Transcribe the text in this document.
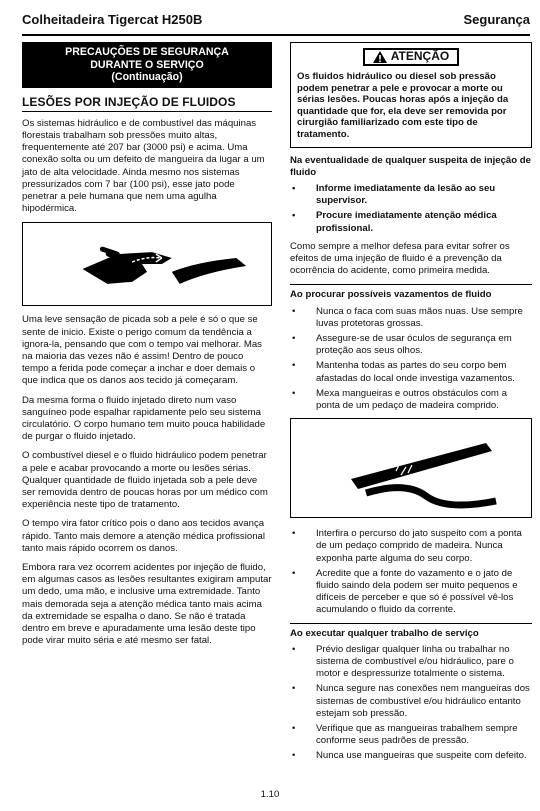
Colheitadeira Tigercat H250B	Segurança
PRECAUÇÕES DE SEGURANÇA
DURANTE O SERVIÇO
(Continuação)
LESÕES POR INJEÇÃO DE FLUIDOS

Os sistemas hidráulico e de combustível das máquinas florestais trabalham sob pressões muito altas, frequentemente até 207 bar (3000 psi) e acima. Uma conexão solta ou um defeito de mangueira da lugar a um jato de alta velocidade. Ainda mesmo nos sistemas pressurizados com 7 bar (100 psi), esse jato pode penetrar a pele humana que nem uma agulha hipodérmica.

Uma leve sensação de picada sob a pele é só o que se sente de inicio. Existe o perigo comum da tendência a ignora-la, pensando que com o tempo vai melhorar. Mas na maioria das vezes não é assim! Dentro de pouco tempo a ferida pode começar a inchar e doer demais o que indica que os danos aos tecido já começaram.

Da mesma forma o fluido injetado direto num vaso sanguíneo pode espalhar rapidamente pelo seu sistema circulatório. O corpo humano tem muito pouca habilidade de purgar o fluido injetado.

O combustível diesel e o fluido hidráulico podem penetrar a pele e acabar provocando a morte ou lesões sérias. Qualquer quantidade de fluido injetada sob a pele deve ser removida dentro de poucas horas por um médico com experiência neste tipo de tratamento.

O tempo vira fator crítico pois o dano aos tecidos avança rápido. Tanto mais demore a atenção médica profissional tanto mais rápido ocorrem os danos.

Embora rara vez ocorrem acidentes por injeção de fluido, em algumas casos as lesões resultantes exigiram amputar um dedo, uma mão, e inclusive uma extremidade. Tanto mais demorada seja a atenção médica tanto mais acima da extremidade se espalha o dano. Se não é tratada dentro em breve e apuradamente uma lesão deste tipo pode virar muito séria e até mesmo ser fatal.

ATENÇÃO
Os fluidos hidráulico ou diesel sob pressão podem penetrar a pele e provocar a morte ou sérias lesões. Poucas horas após a injeção da quantidade que for, ela deve ser removida por cirurgião familiarizado com este tipo de tratamento.
Na eventualidade de qualquer suspeita de injeção de fluido
• Informe imediatamente da lesão ao seu supervisor.
• Procure imediatamente atenção médica profissional.

Como sempre a melhor defesa para evitar sofrer os efeitos de uma injeção de fluido é a prevenção da ocorrência do acidente, como primeira medida.

Ao procurar possíveis vazamentos de fluido
• Nunca o faca com suas mãos nuas. Use sempre luvas protetoras grossas.
• Assegure-se de usar óculos de segurança em proteção aos seus olhos.
• Mantenha todas as partes do seu corpo bem afastadas do local onde investiga vazamentos.
• Mexa mangueiras e outros obstáculos com a ponta de um pedaço de madeira comprido.
• Interfira o percurso do jato suspeito com a ponta de um pedaço comprido de madeira. Nunca exponha parte alguma do seu corpo.
• Acredite que a fonte do vazamento e o jato de fluido saindo dela podem ser muito pequenos e difíceis de perceber e que só é possível vê-los acumulando o fluido da corrente.
Ao executar qualquer trabalho de serviço
• Prévio desligar qualquer linha ou trabalhar no sistema de combustível e/ou hidráulico, pare o motor e despressurize totalmente o sistema.
• Nunca segure nas conexões nem mangueiras dos sistemas de combustível e/ou hidráulico entanto estejam sob pressão.
• Verifique que as mangueiras trabalhem sempre conforme seus padrões de pressão.
• Nunca use mangueiras que suspeite com defeito.
1.10
